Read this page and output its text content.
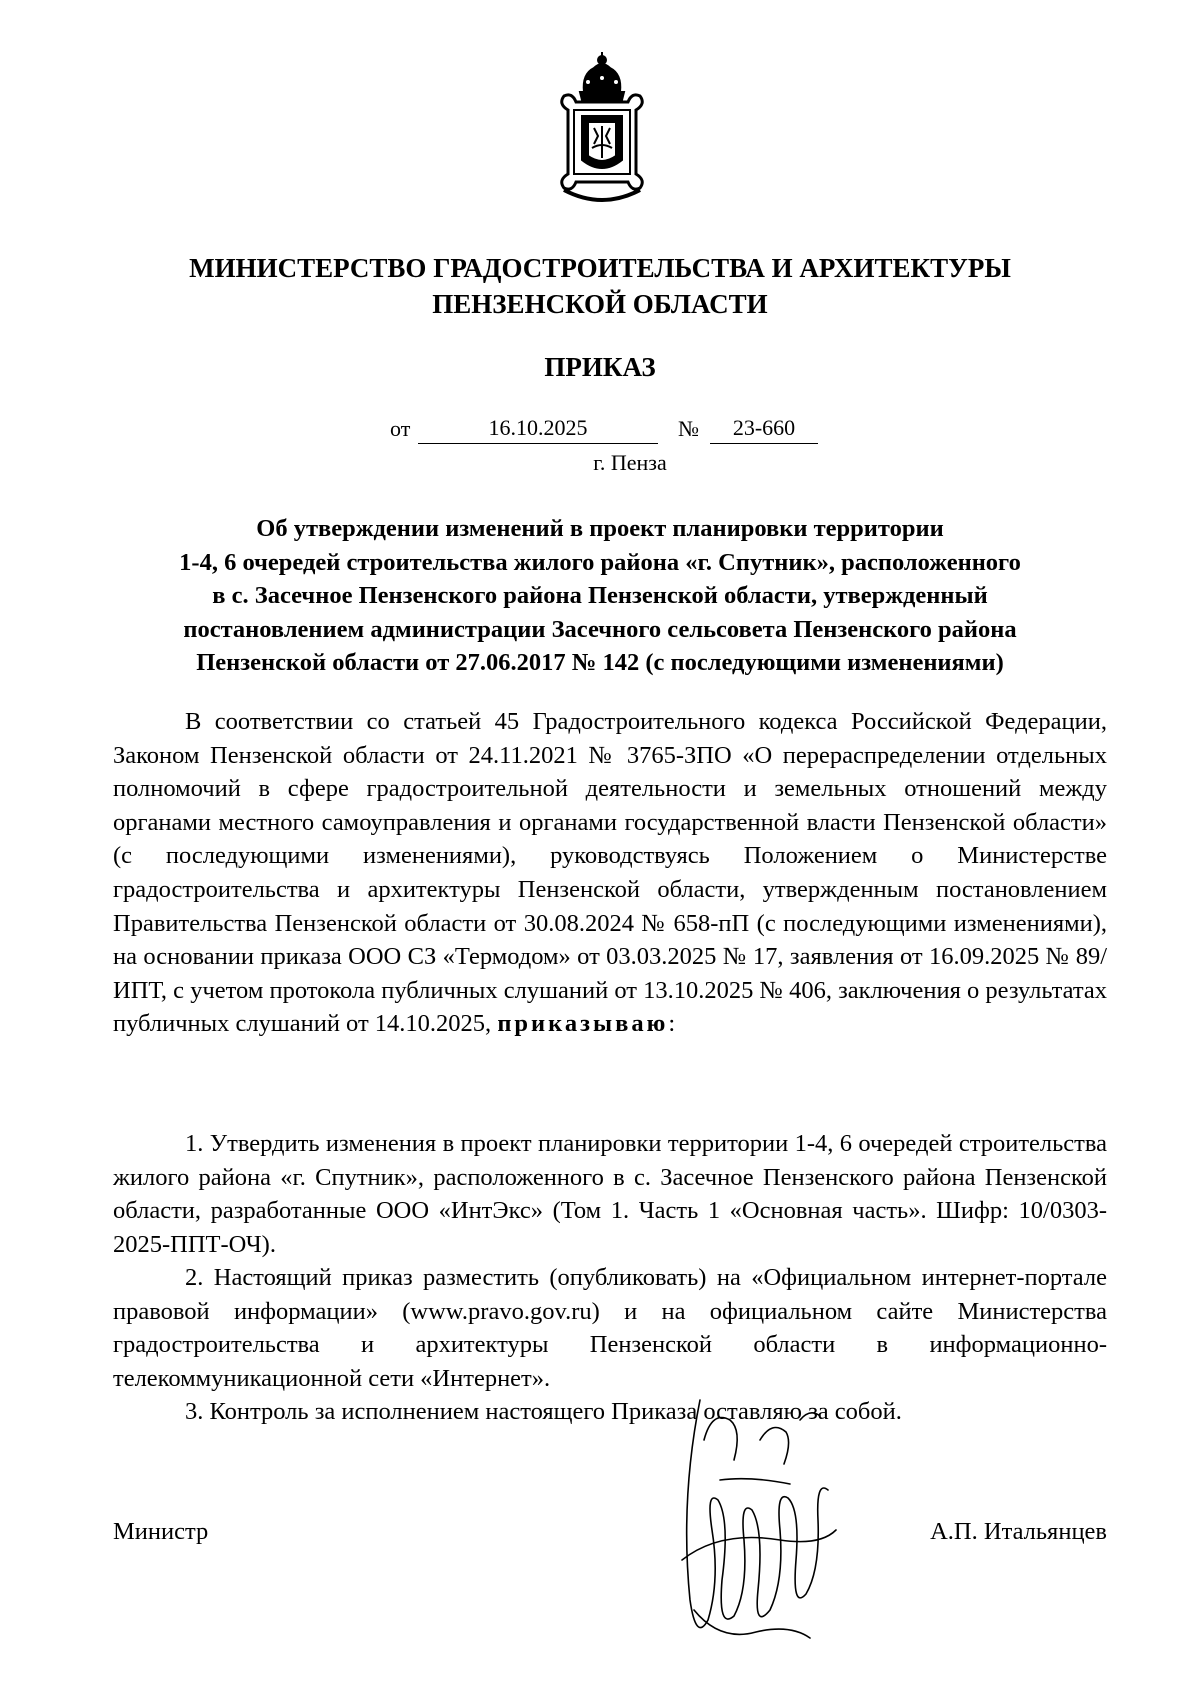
МИНИСТЕРСТВО ГРАДОСТРОИТЕЛЬСТВА И АРХИТЕКТУРЫ
ПЕНЗЕНСКОЙ ОБЛАСТИ
ПРИКАЗ
от	16.10.2025	№	23-660
г. Пенза
Об утверждении изменений в проект планировки территории
1-4, 6 очередей строительства жилого района «г. Спутник», расположенного
в с. Засечное Пензенского района Пензенской области, утвержденный
постановлением администрации Засечного сельсовета Пензенского района
Пензенской области от 27.06.2017 № 142 (с последующими изменениями)

В соответствии со статьей 45 Градостроительного кодекса Российской Федерации, Законом Пензенской области от 24.11.2021 № 3765-ЗПО «О перераспределении отдельных полномочий в сфере градостроительной деятельности и земельных отношений между органами местного самоуправления и органами государственной власти Пензенской области» (с последующими изменениями), руководствуясь Положением о Министерстве градостроительства и архитектуры Пензенской области, утвержденным постановлением Правительства Пензенской области от 30.08.2024 № 658-пП (с последующими изменениями), на основании приказа ООО СЗ «Термодом» от 03.03.2025 № 17, заявления от 16.09.2025 № 89/ИПТ, с учетом протокола публичных слушаний от 13.10.2025 № 406, заключения о результатах публичных слушаний от 14.10.2025, приказываю:

1. Утвердить изменения в проект планировки территории 1-4, 6 очередей строительства жилого района «г. Спутник», расположенного в с. Засечное Пензенского района Пензенской области, разработанные ООО «ИнтЭкс» (Том 1. Часть 1 «Основная часть». Шифр: 10/0303-2025-ППТ-ОЧ).

2. Настоящий приказ разместить (опубликовать) на «Официальном интернет-портале правовой информации» (www.pravo.gov.ru) и на официальном сайте Министерства градостроительства и архитектуры Пензенской области в информационно-телекоммуникационной сети «Интернет».

3. Контроль за исполнением настоящего Приказа оставляю за собой.

Министр	А.П. Итальянцев
